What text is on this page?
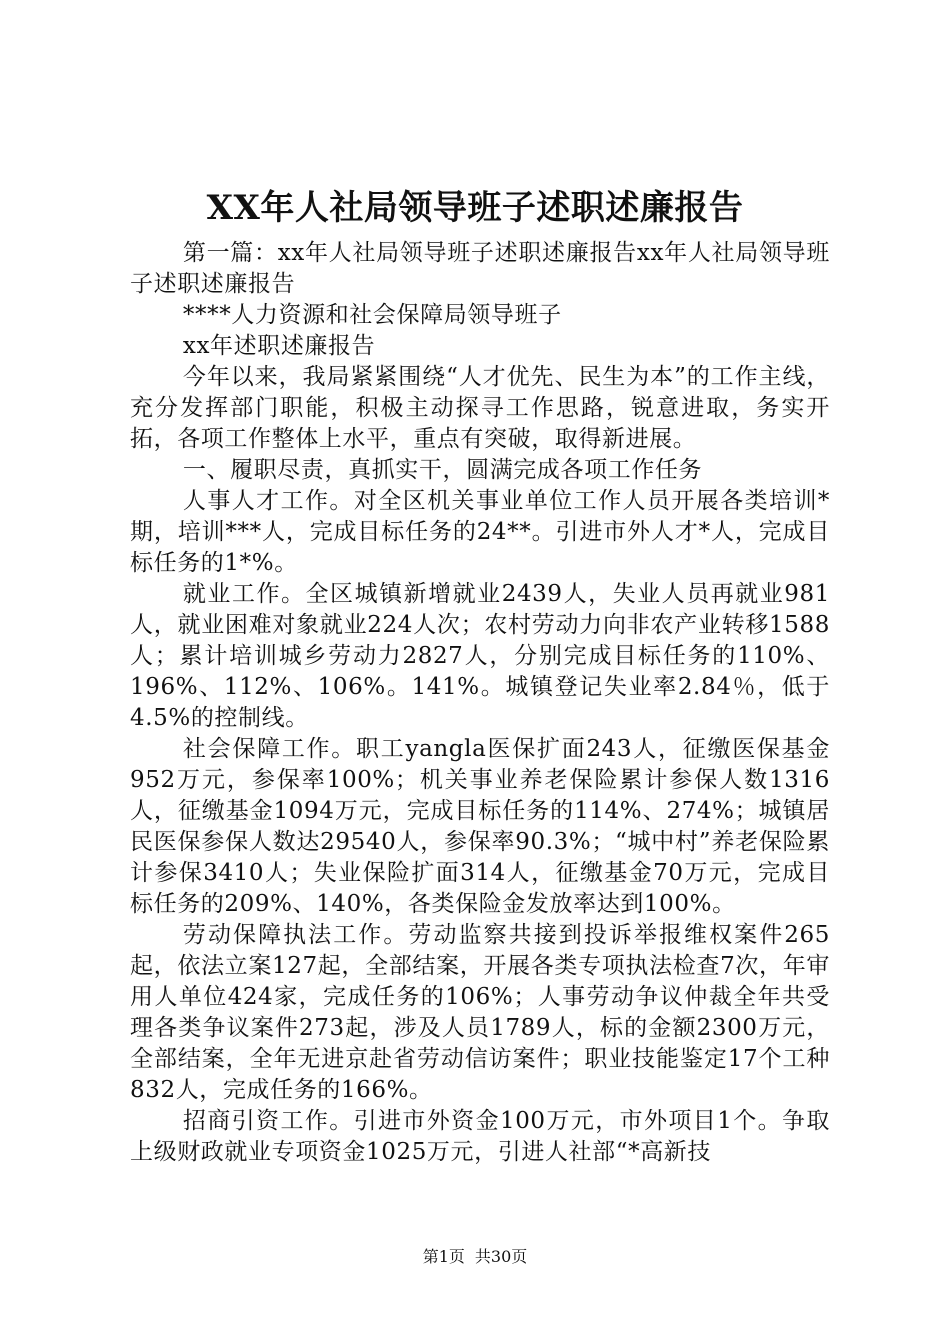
XX年人社局领导班子述职述廉报告

第一篇：xx年人社局领导班子述职述廉报告xx年人社局领导班子述职述廉报告

****人力资源和社会保障局领导班子

xx年述职述廉报告

今年以来，我局紧紧围绕“人才优先、民生为本”的工作主线，充分发挥部门职能，积极主动探寻工作思路，锐意进取，务实开拓，各项工作整体上水平，重点有突破，取得新进展。

一、履职尽责，真抓实干，圆满完成各项工作任务

人事人才工作。对全区机关事业单位工作人员开展各类培训*期，培训***人，完成目标任务的24**。引进市外人才*人，完成目标任务的1*%。

就业工作。全区城镇新增就业2439人，失业人员再就业981人，就业困难对象就业224人次；农村劳动力向非农产业转移1588人；累计培训城乡劳动力2827人，分别完成目标任务的110%、196%、112%、106%。141%。城镇登记失业率2.84％，低于4.5%的控制线。

社会保障工作。职工yangla医保扩面243人，征缴医保基金952万元，参保率100%；机关事业养老保险累计参保人数1316人，征缴基金1094万元，完成目标任务的114%、274%；城镇居民医保参保人数达29540人，参保率90.3%；“城中村”养老保险累计参保3410人；失业保险扩面314人，征缴基金70万元，完成目标任务的209%、140%，各类保险金发放率达到100%。

劳动保障执法工作。劳动监察共接到投诉举报维权案件265起，依法立案127起，全部结案，开展各类专项执法检查7次，年审用人单位424家，完成任务的106%；人事劳动争议仲裁全年共受理各类争议案件273起，涉及人员1789人，标的金额2300万元，全部结案，全年无进京赴省劳动信访案件；职业技能鉴定17个工种832人，完成任务的166%。

招商引资工作。引进市外资金100万元，市外项目1个。争取上级财政就业专项资金1025万元，引进人社部“*高新技

第1页 共30页
